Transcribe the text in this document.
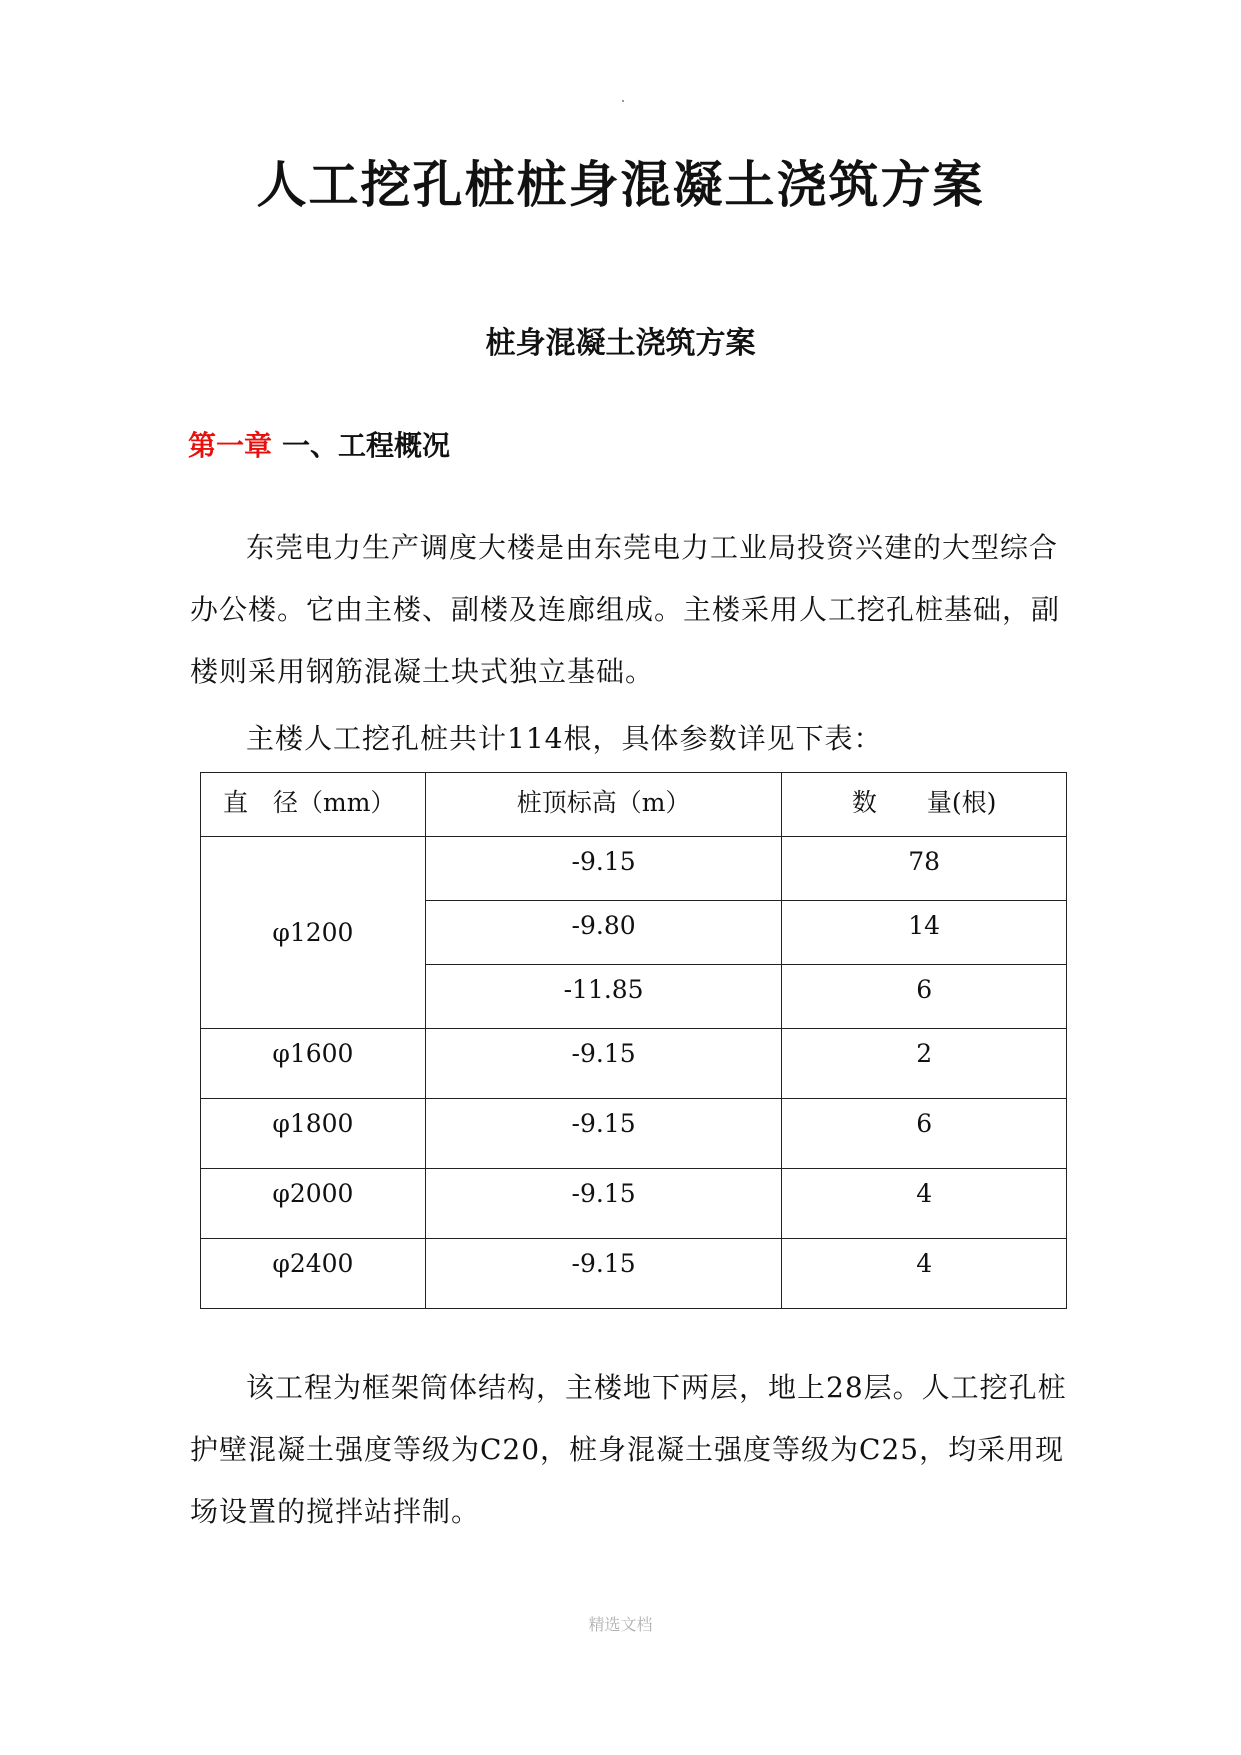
人工挖孔桩桩身混凝土浇筑方案
桩身混凝土浇筑方案
第一章 一、工程概况

东莞电力生产调度大楼是由东莞电力工业局投资兴建的大型综合办公楼。它由主楼、副楼及连廊组成。主楼采用人工挖孔桩基础，副楼则采用钢筋混凝土块式独立基础。

主楼人工挖孔桩共计114根，具体参数详见下表：

直　径（mm）	桩顶标高（m）	数　　量(根)
φ1200	-9.15	78
	-9.80	14
	-11.85	6
φ1600	-9.15	2
φ1800	-9.15	6
φ2000	-9.15	4
φ2400	-9.15	4

该工程为框架筒体结构，主楼地下两层，地上28层。人工挖孔桩护壁混凝土强度等级为C20，桩身混凝土强度等级为C25，均采用现场设置的搅拌站拌制。

精选文档
